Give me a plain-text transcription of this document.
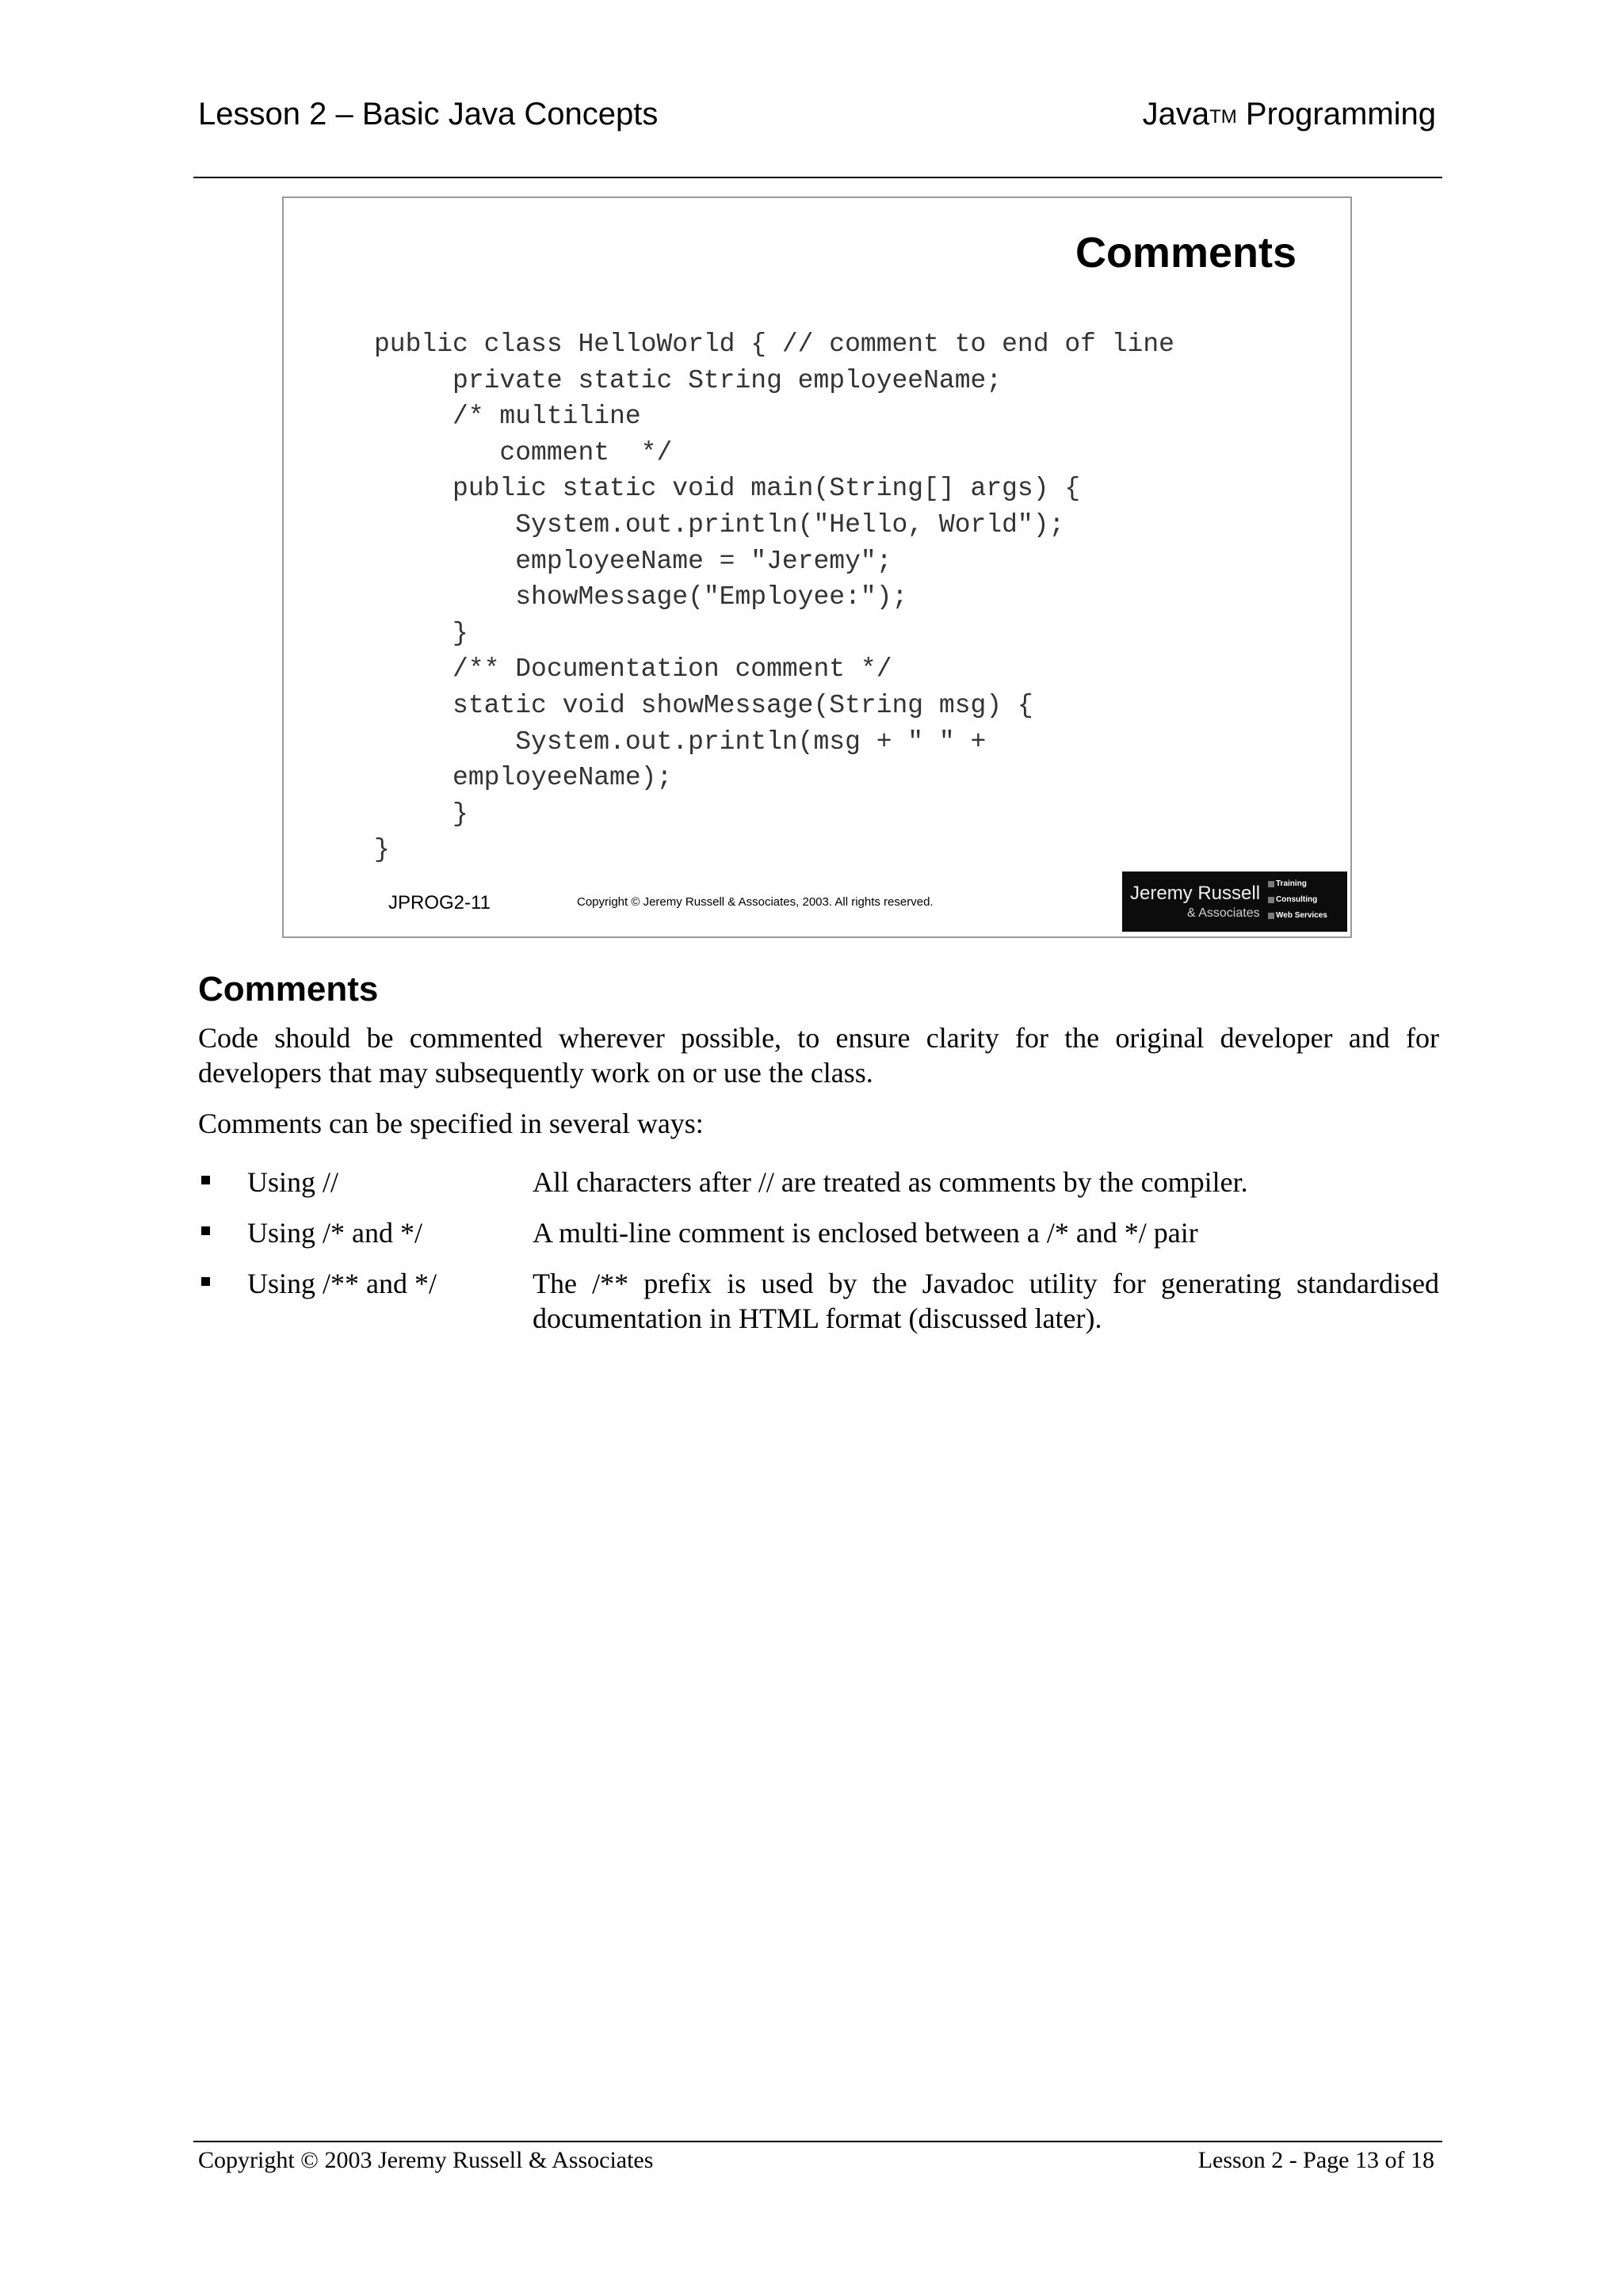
Lesson 2 – Basic Java Concepts	JavaTM Programming
Comments
public class HelloWorld { // comment to end of line
private static String employeeName;
/* multiline
comment  */
public static void main(String[] args) {
System.out.println("Hello, World");
employeeName = "Jeremy";
showMessage("Employee:");
}
/** Documentation comment */
static void showMessage(String msg) {
System.out.println(msg + " " +
employeeName);
}
}
JPROG2-11	Copyright © Jeremy Russell & Associates, 2003. All rights reserved.	Jeremy Russell
& Associates
Training
Consulting
Web Services
Comments

Code should be commented wherever possible, to ensure clarity for the original developer and for developers that may subsequently work on or use the class.

Comments can be specified in several ways:

Using //	All characters after // are treated as comments by the compiler.
Using /* and */	A multi-line comment is enclosed between a /* and */ pair
Using /** and */	The /** prefix is used by the Javadoc utility for generating standardised documentation in HTML format (discussed later).
Copyright © 2003 Jeremy Russell & Associates	Lesson 2 - Page 13 of 18
